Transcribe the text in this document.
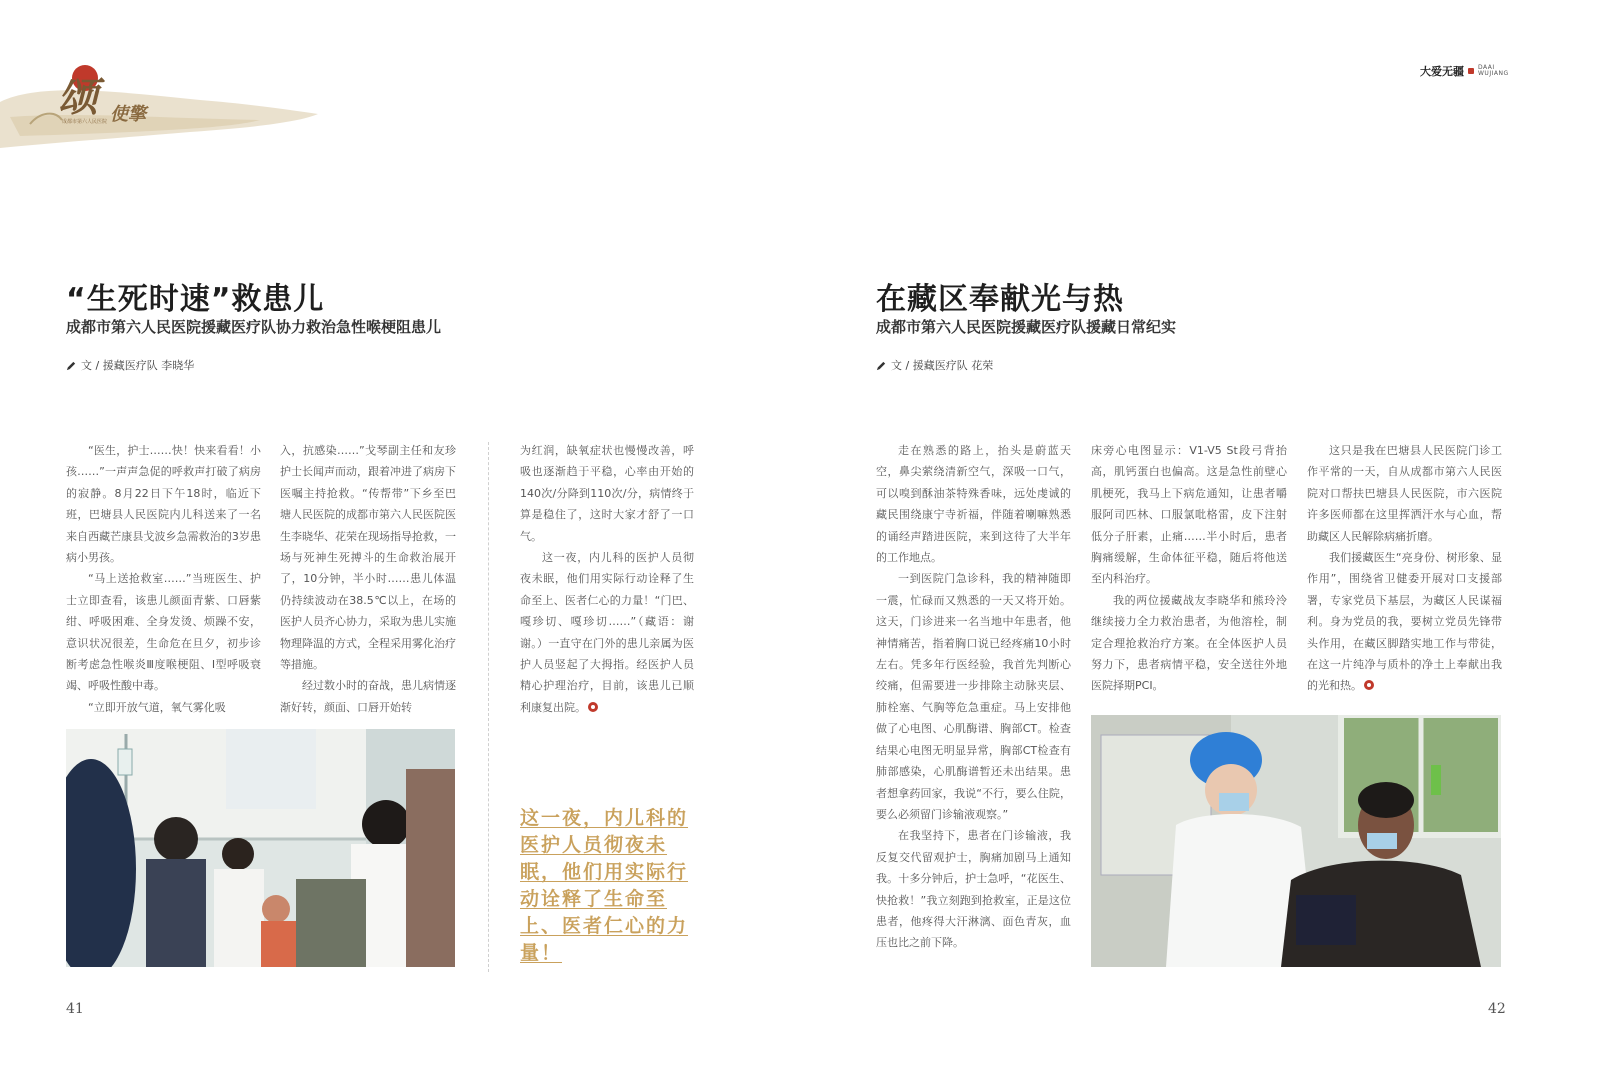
颂 使擎
成都市第六人民医院
大爱无疆 DAAI WUJIANG
“生死时速”救患儿
成都市第六人民医院援藏医疗队协力救治急性喉梗阻患儿
文 / 援藏医疗队 李晓华

“医生，护士……快！快来看看！小孩……”一声声急促的呼救声打破了病房的寂静。8月22日下午18时，临近下班，巴塘县人民医院内儿科送来了一名来自西藏芒康县戈波乡急需救治的3岁患病小男孩。

“马上送抢救室……”当班医生、护士立即查看，该患儿颜面青紫、口唇紫绀、呼吸困难、全身发烫、烦躁不安，意识状况很差，生命危在旦夕，初步诊断考虑急性喉炎Ⅲ度喉梗阻、Ⅰ型呼吸衰竭、呼吸性酸中毒。

“立即开放气道，氧气雾化吸

入，抗感染……”戈琴副主任和友珍护士长闻声而动，跟着冲进了病房下医嘱主持抢救。“传帮带”下乡至巴塘人民医院的成都市第六人民医院医生李晓华、花荣在现场指导抢救，一场与死神生死搏斗的生命救治展开了，10分钟，半小时……患儿体温仍持续波动在38.5℃以上，在场的医护人员齐心协力，采取为患儿实施物理降温的方式，全程采用雾化治疗等措施。

经过数小时的奋战，患儿病情逐渐好转，颜面、口唇开始转

为红润，缺氧症状也慢慢改善，呼吸也逐渐趋于平稳，心率由开始的140次/分降到110次/分，病情终于算是稳住了，这时大家才舒了一口气。

这一夜，内儿科的医护人员彻夜未眠，他们用实际行动诠释了生命至上、医者仁心的力量！“门巴、嘎珍切、嘎珍切……”（藏语：谢谢。）一直守在门外的患儿亲属为医护人员竖起了大拇指。经医护人员精心护理治疗，目前，该患儿已顺利康复出院。

这一夜，内儿科的医护人员彻夜未眠，他们用实际行动诠释了生命至上、医者仁心的力量！
41
在藏区奉献光与热
成都市第六人民医院援藏医疗队援藏日常纪实
文 / 援藏医疗队 花荣

走在熟悉的路上，抬头是蔚蓝天空，鼻尖萦绕清新空气，深吸一口气，可以嗅到酥油茶特殊香味，远处虔诚的藏民围绕康宁寺祈福，伴随着喇嘛熟悉的诵经声踏进医院，来到这待了大半年的工作地点。

一到医院门急诊科，我的精神随即一震，忙碌而又熟悉的一天又将开始。这天，门诊进来一名当地中年患者，他神情痛苦，指着胸口说已经疼痛10小时左右。凭多年行医经验，我首先判断心绞痛，但需要进一步排除主动脉夹层、肺栓塞、气胸等危急重症。马上安排他做了心电图、心肌酶谱、胸部CT。检查结果心电图无明显异常，胸部CT检查有肺部感染，心肌酶谱暂还未出结果。患者想拿药回家，我说“不行，要么住院，要么必须留门诊输液观察。”

在我坚持下，患者在门诊输液，我反复交代留观护士，胸痛加剧马上通知我。十多分钟后，护士急呼，“花医生、快抢救！”我立刻跑到抢救室，正是这位患者，他疼得大汗淋漓、面色青灰，血压也比之前下降。

床旁心电图显示：V1-V5 St段弓背抬高，肌钙蛋白也偏高。这是急性前壁心肌梗死，我马上下病危通知，让患者嚼服阿司匹林、口服氯吡格雷，皮下注射低分子肝素，止痛……半小时后，患者胸痛缓解，生命体征平稳，随后将他送至内科治疗。

我的两位援藏战友李晓华和熊玲泠继续接力全力救治患者，为他溶栓，制定合理抢救治疗方案。在全体医护人员努力下，患者病情平稳，安全送往外地医院择期PCI。

这只是我在巴塘县人民医院门诊工作平常的一天，自从成都市第六人民医院对口帮扶巴塘县人民医院，市六医院许多医师都在这里挥洒汗水与心血，帮助藏区人民解除病痛折磨。

我们援藏医生“亮身份、树形象、显作用”，围绕省卫健委开展对口支援部署，专家党员下基层，为藏区人民谋福利。身为党员的我，要树立党员先锋带头作用，在藏区脚踏实地工作与带徒，在这一片纯净与质朴的净土上奉献出我的光和热。

42
